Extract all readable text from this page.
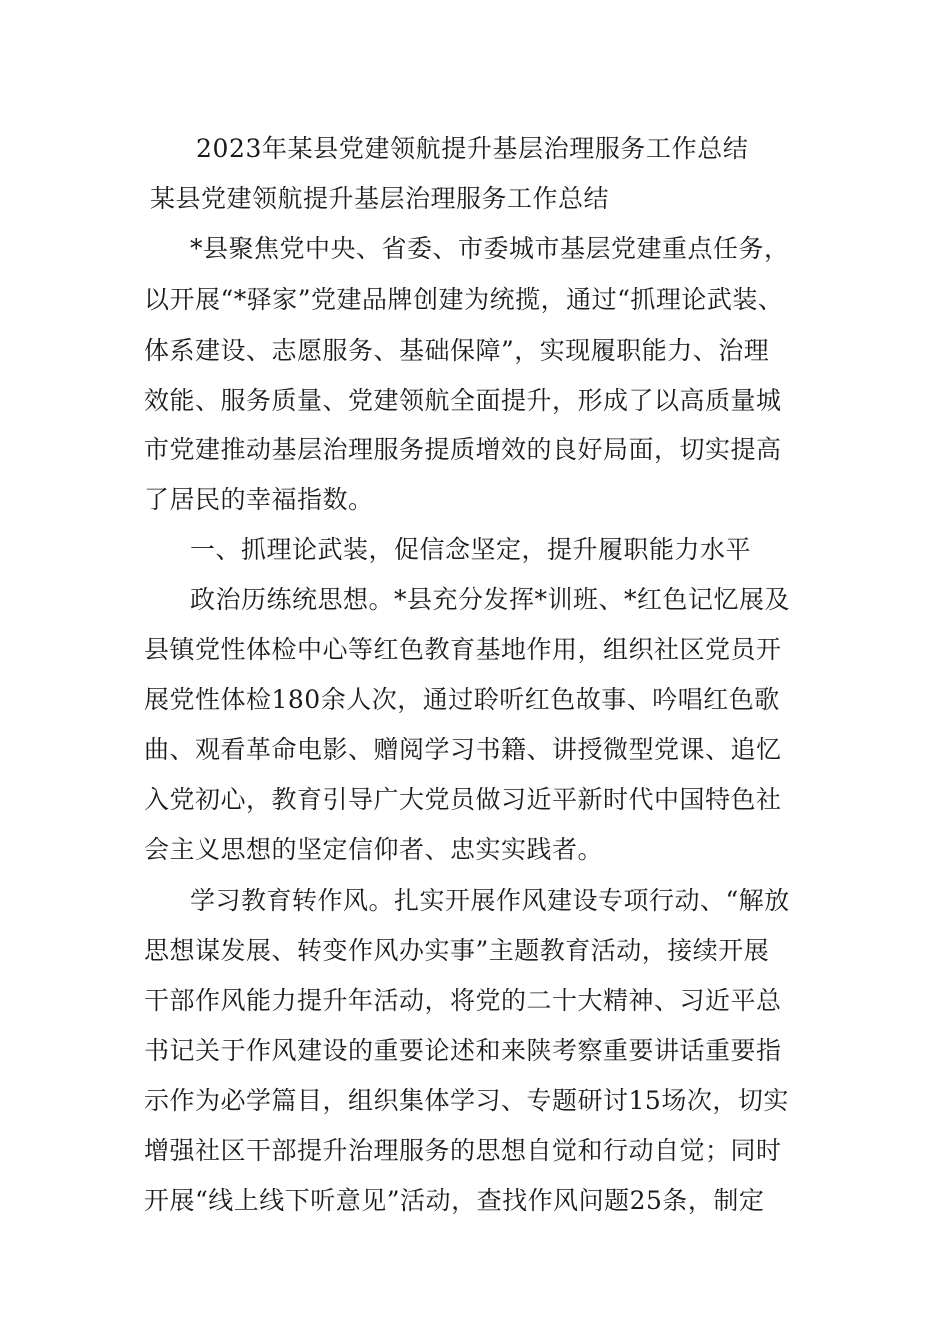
2023年某县党建领航提升基层治理服务工作总结
某县党建领航提升基层治理服务工作总结
*县聚焦党中央、省委、市委城市基层党建重点任务，
以开展“*驿家”党建品牌创建为统揽，通过“抓理论武装、
体系建设、志愿服务、基础保障”，实现履职能力、治理
效能、服务质量、党建领航全面提升，形成了以高质量城
市党建推动基层治理服务提质增效的良好局面，切实提高
了居民的幸福指数。
一、抓理论武装，促信念坚定，提升履职能力水平
政治历练统思想。*县充分发挥*训班、*红色记忆展及
县镇党性体检中心等红色教育基地作用，组织社区党员开
展党性体检180余人次，通过聆听红色故事、吟唱红色歌
曲、观看革命电影、赠阅学习书籍、讲授微型党课、追忆
入党初心，教育引导广大党员做习近平新时代中国特色社
会主义思想的坚定信仰者、忠实实践者。
学习教育转作风。扎实开展作风建设专项行动、“解放
思想谋发展、转变作风办实事”主题教育活动，接续开展
干部作风能力提升年活动，将党的二十大精神、习近平总
书记关于作风建设的重要论述和来陕考察重要讲话重要指
示作为必学篇目，组织集体学习、专题研讨15场次，切实
增强社区干部提升治理服务的思想自觉和行动自觉；同时
开展“线上线下听意见”活动，查找作风问题25条，制定
